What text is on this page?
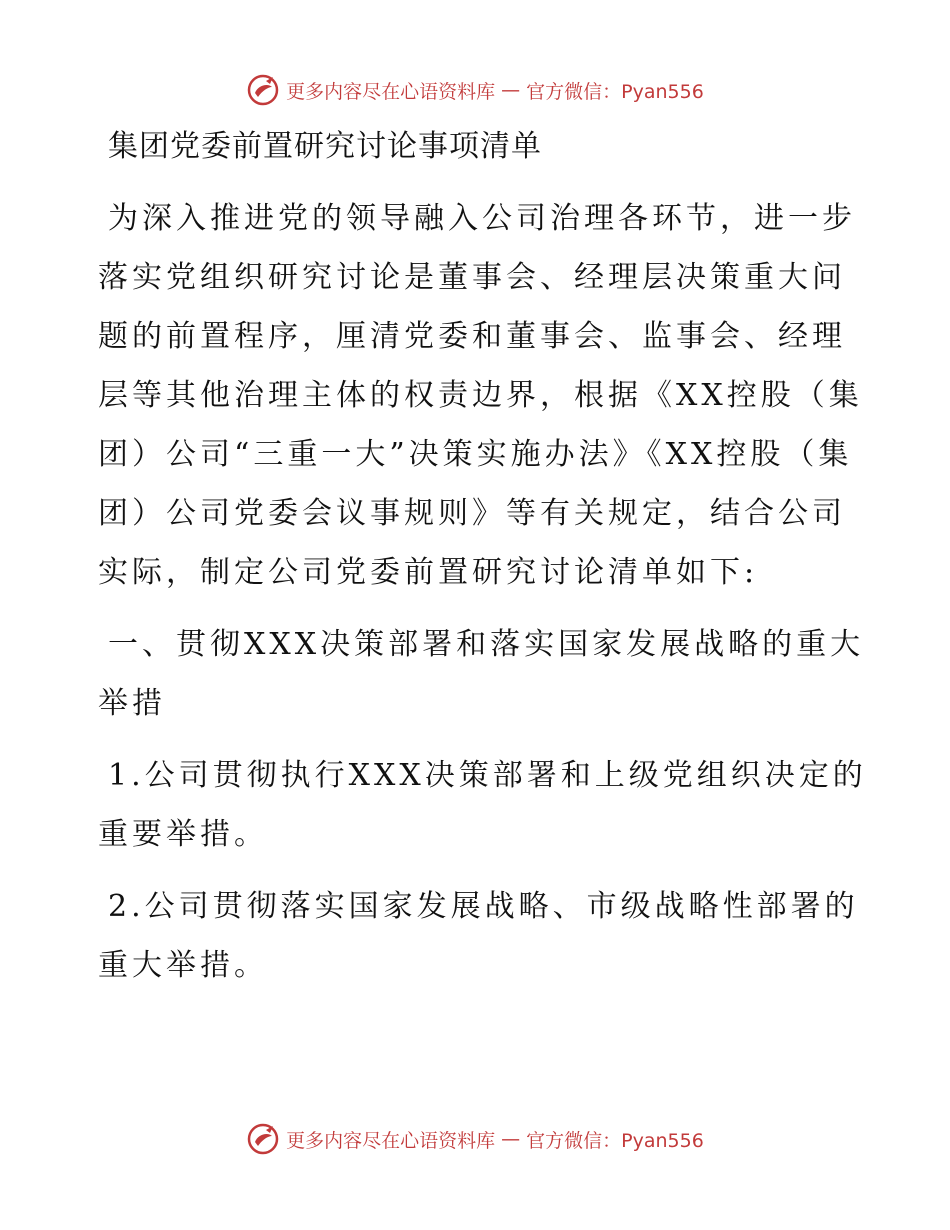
更多内容尽在心语资料库 — 官方微信：Pyan556
集团党委前置研究讨论事项清单

为深入推进党的领导融入公司治理各环节，进一步落实党组织研究讨论是董事会、经理层决策重大问题的前置程序，厘清党委和董事会、监事会、经理层等其他治理主体的权责边界，根据《XX控股（集团）公司“三重一大”决策实施办法》《XX控股（集团）公司党委会议事规则》等有关规定，结合公司实际，制定公司党委前置研究讨论清单如下:

一、贯彻XXX决策部署和落实国家发展战略的重大举措

1.公司贯彻执行XXX决策部署和上级党组织决定的重要举措。

2.公司贯彻落实国家发展战略、市级战略性部署的重大举措。

更多内容尽在心语资料库 — 官方微信：Pyan556
